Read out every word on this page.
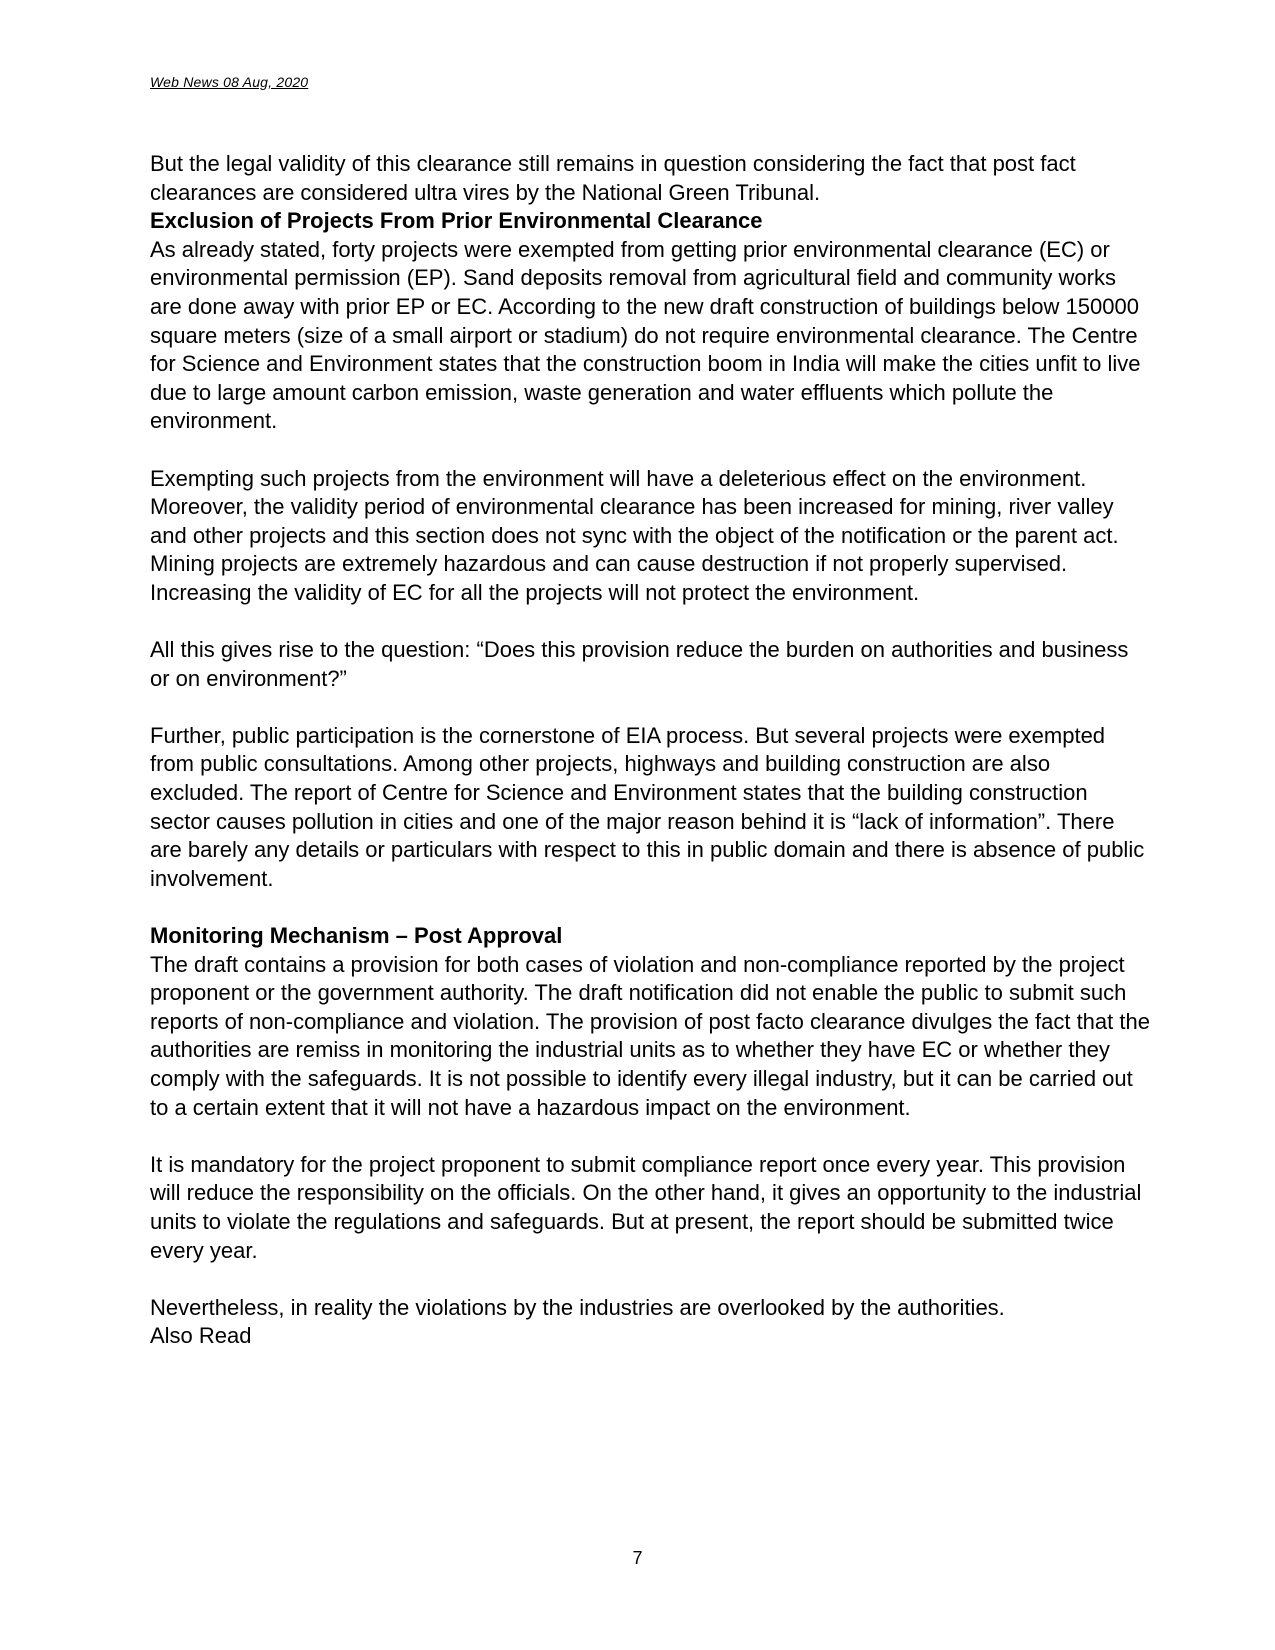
Web News 08 Aug, 2020

But the legal validity of this clearance still remains in question considering the fact that post fact clearances are considered ultra vires by the National Green Tribunal.

Exclusion of Projects From Prior Environmental Clearance

As already stated, forty projects were exempted from getting prior environmental clearance (EC) or environmental permission (EP). Sand deposits removal from agricultural field and community works are done away with prior EP or EC. According to the new draft construction of buildings below 150000 square meters (size of a small airport or stadium) do not require environmental clearance. The Centre for Science and Environment states that the construction boom in India will make the cities unfit to live due to large amount carbon emission, waste generation and water effluents which pollute the environment.

Exempting such projects from the environment will have a deleterious effect on the environment.

Moreover, the validity period of environmental clearance has been increased for mining, river valley and other projects and this section does not sync with the object of the notification or the parent act. Mining projects are extremely hazardous and can cause destruction if not properly supervised. Increasing the validity of EC for all the projects will not protect the environment.

All this gives rise to the question: “Does this provision reduce the burden on authorities and business or on environment?”

Further, public participation is the cornerstone of EIA process. But several projects were exempted from public consultations. Among other projects, highways and building construction are also excluded. The report of Centre for Science and Environment states that the building construction sector causes pollution in cities and one of the major reason behind it is “lack of information”. There are barely any details or particulars with respect to this in public domain and there is absence of public involvement.

Monitoring Mechanism – Post Approval

The draft contains a provision for both cases of violation and non-compliance reported by the project proponent or the government authority. The draft notification did not enable the public to submit such reports of non-compliance and violation. The provision of post facto clearance divulges the fact that the authorities are remiss in monitoring the industrial units as to whether they have EC or whether they comply with the safeguards. It is not possible to identify every illegal industry, but it can be carried out to a certain extent that it will not have a hazardous impact on the environment.

It is mandatory for the project proponent to submit compliance report once every year. This provision will reduce the responsibility on the officials. On the other hand, it gives an opportunity to the industrial units to violate the regulations and safeguards. But at present, the report should be submitted twice every year.

Nevertheless, in reality the violations by the industries are overlooked by the authorities.

Also Read

7
